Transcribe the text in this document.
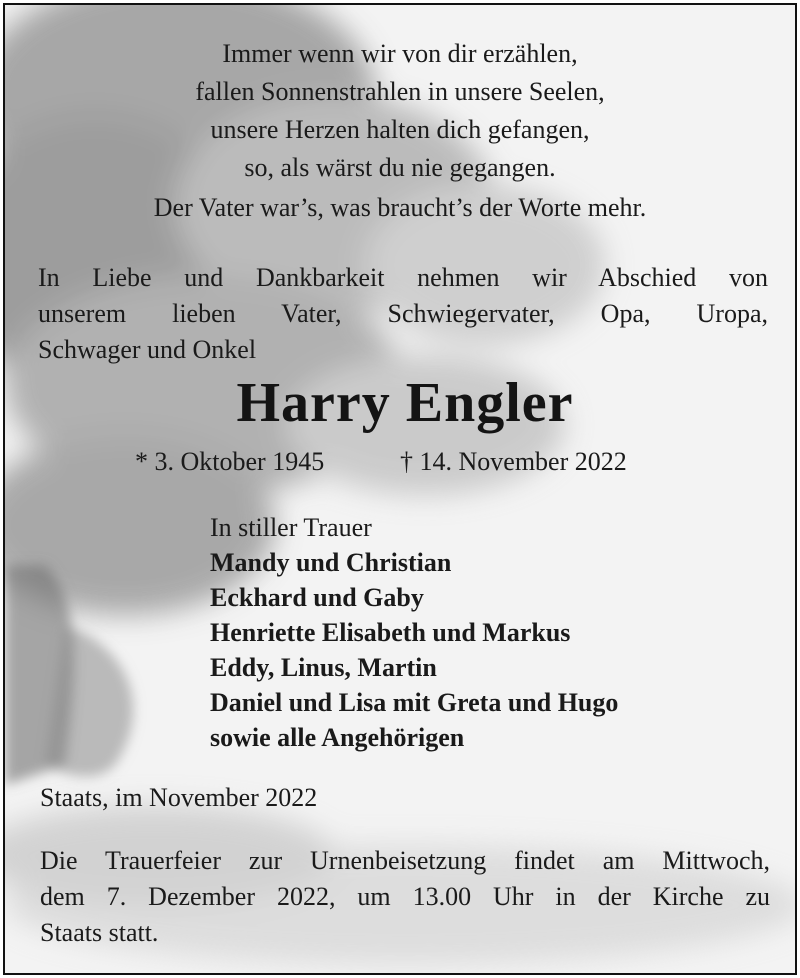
Immer wenn wir von dir erzählen,
fallen Sonnenstrahlen in unsere Seelen,
unsere Herzen halten dich gefangen,
so, als wärst du nie gegangen.
Der Vater war’s, was braucht’s der Worte mehr.
In Liebe und Dankbarkeit nehmen wir Abschied von
unserem lieben Vater, Schwiegervater, Opa, Uropa,
Schwager und Onkel
Harry Engler
* 3. Oktober 1945	† 14. November 2022
In stiller Trauer
Mandy und Christian
Eckhard und Gaby
Henriette Elisabeth und Markus
Eddy, Linus, Martin
Daniel und Lisa mit Greta und Hugo
sowie alle Angehörigen
Staats, im November 2022
Die Trauerfeier zur Urnenbeisetzung findet am Mittwoch,
dem 7. Dezember 2022, um 13.00 Uhr in der Kirche zu
Staats statt.
